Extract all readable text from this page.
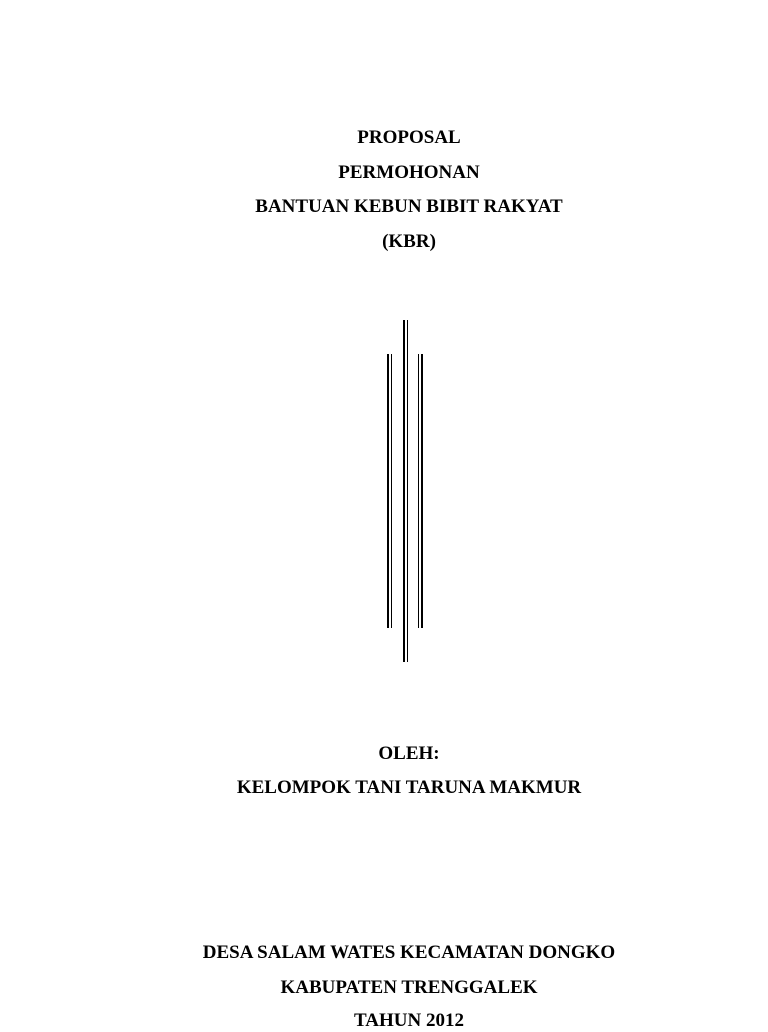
PROPOSAL
PERMOHONAN
BANTUAN KEBUN BIBIT RAKYAT
(KBR)
OLEH:
KELOMPOK TANI TARUNA MAKMUR
DESA SALAM WATES KECAMATAN DONGKO
KABUPATEN TRENGGALEK
TAHUN 2012
